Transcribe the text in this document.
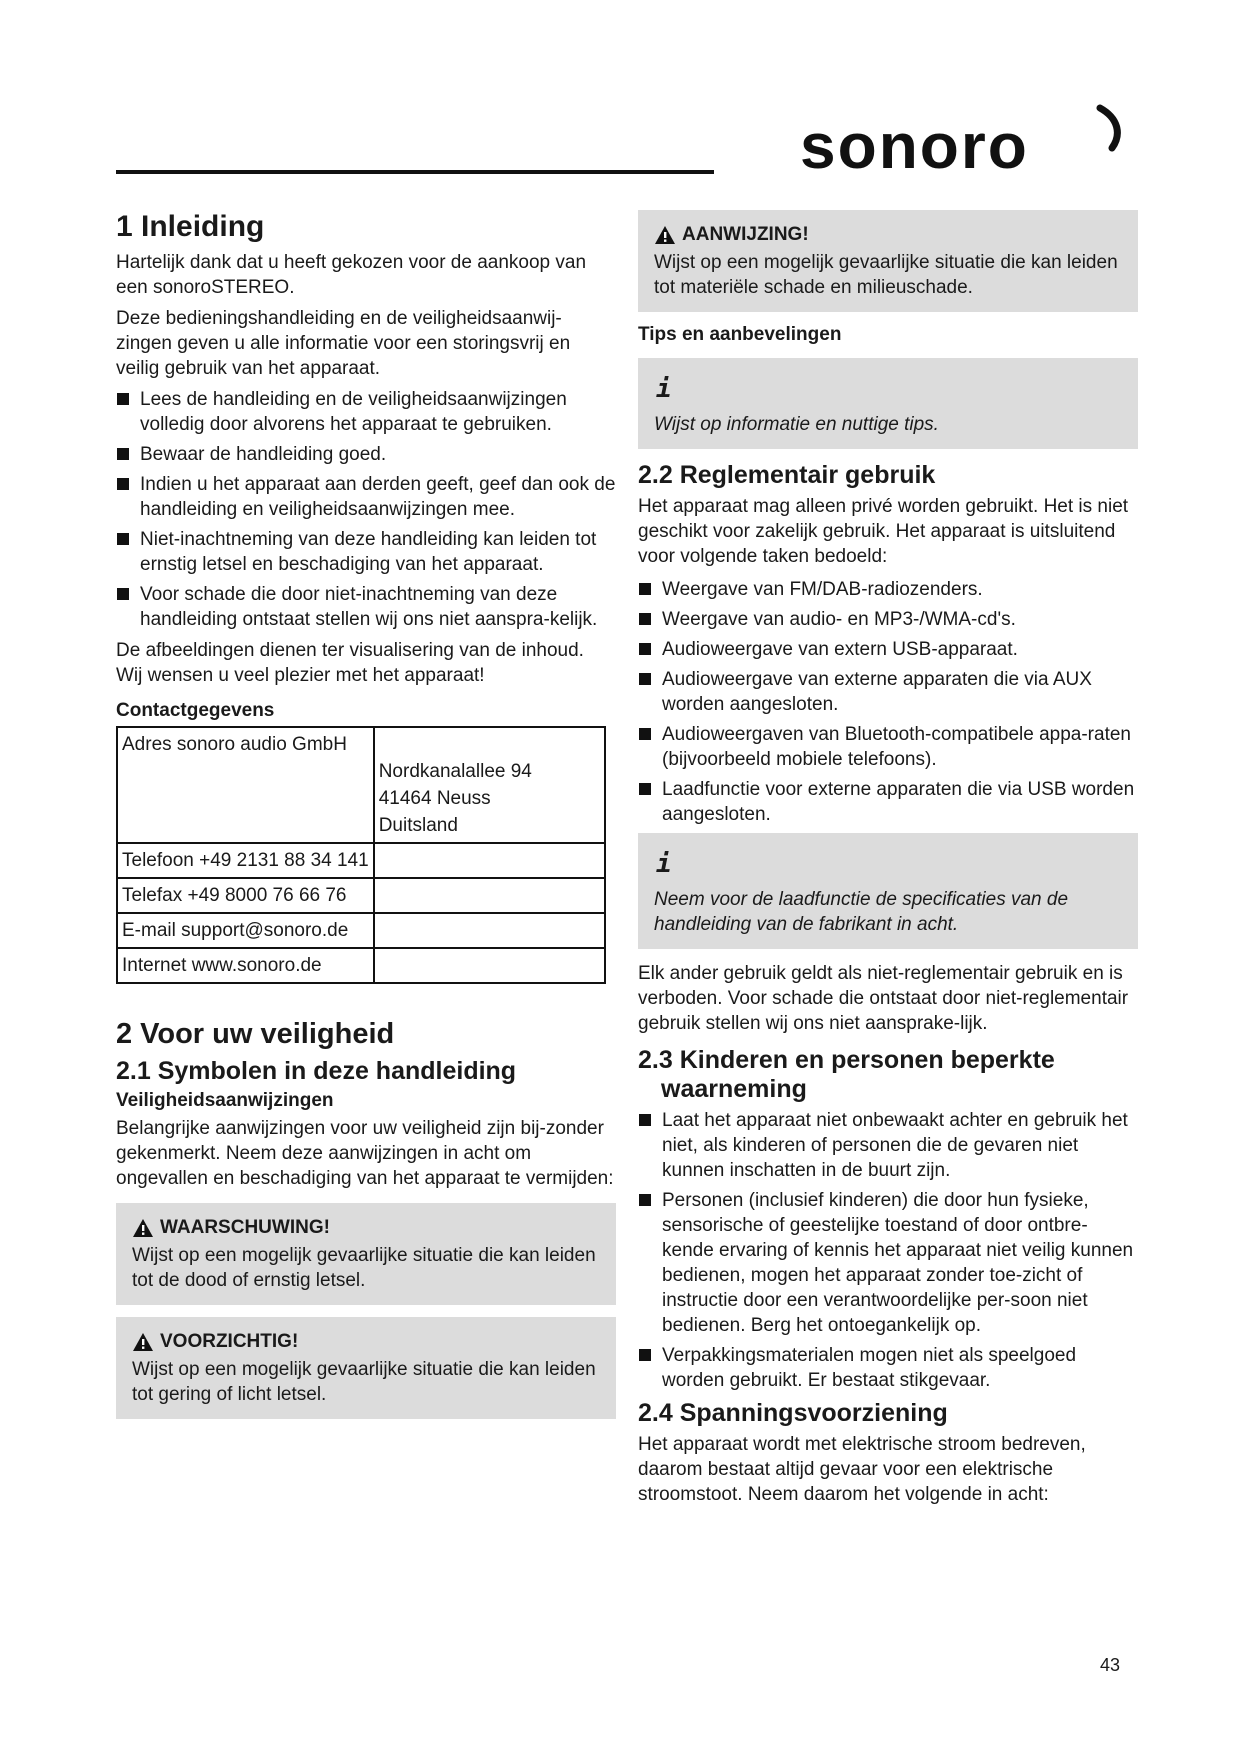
sonoro
1 Inleiding

Hartelijk dank dat u heeft gekozen voor de aankoop van een sonoroSTEREO.

Deze bedieningshandleiding en de veiligheidsaanwij-zingen geven u alle informatie voor een storingsvrij en veilig gebruik van het apparaat.

Lees de handleiding en de veiligheidsaanwijzingen volledig door alvorens het apparaat te gebruiken.
Bewaar de handleiding goed.
Indien u het apparaat aan derden geeft, geef dan ook de handleiding en veiligheidsaanwijzingen mee.
Niet-inachtneming van deze handleiding kan leiden tot ernstig letsel en beschadiging van het apparaat.
Voor schade die door niet-inachtneming van deze handleiding ontstaat stellen wij ons niet aanspra-kelijk.

De afbeeldingen dienen ter visualisering van de inhoud.

Wij wensen u veel plezier met het apparaat!

Contactgegevens
Adres sonoro audio GmbH	Nordkanalallee 94
41464 Neuss
Duitsland

Telefoon +49 2131 88 34 141	
Telefax +49 8000 76 66 76	
E-mail support@sonoro.de	
Internet www.sonoro.de	
2 Voor uw veiligheid
2.1 Symbolen in deze handleiding
Veiligheidsaanwijzingen

Belangrijke aanwijzingen voor uw veiligheid zijn bij-zonder gekenmerkt. Neem deze aanwijzingen in acht om ongevallen en beschadiging van het apparaat te vermijden:

WAARSCHUWING!

Wijst op een mogelijk gevaarlijke situatie die kan leiden tot de dood of ernstig letsel.

VOORZICHTIG!

Wijst op een mogelijk gevaarlijke situatie die kan leiden tot gering of licht letsel.

AANWIJZING!

Wijst op een mogelijk gevaarlijke situatie die kan leiden tot materiële schade en milieuschade.

Tips en aanbevelingen
i

Wijst op informatie en nuttige tips.

2.2 Reglementair gebruik

Het apparaat mag alleen privé worden gebruikt. Het is niet geschikt voor zakelijk gebruik. Het apparaat is uitsluitend voor volgende taken bedoeld:

Weergave van FM/DAB-radiozenders.
Weergave van audio- en MP3-/WMA-cd's.
Audioweergave van extern USB-apparaat.
Audioweergave van externe apparaten die via AUX worden aangesloten.
Audioweergaven van Bluetooth-compatibele appa-raten (bijvoorbeeld mobiele telefoons).
Laadfunctie voor externe apparaten die via USB worden aangesloten.
i

Neem voor de laadfunctie de specificaties van de handleiding van de fabrikant in acht.

Elk ander gebruik geldt als niet-reglementair gebruik en is verboden. Voor schade die ontstaat door niet-reglementair gebruik stellen wij ons niet aansprake-lijk.

2.3 Kinderen en personen beperkte waarneming
Laat het apparaat niet onbewaakt achter en gebruik het niet, als kinderen of personen die de gevaren niet kunnen inschatten in de buurt zijn.
Personen (inclusief kinderen) die door hun fysieke, sensorische of geestelijke toestand of door ontbre-kende ervaring of kennis het apparaat niet veilig kunnen bedienen, mogen het apparaat zonder toe-zicht of instructie door een verantwoordelijke per-soon niet bedienen. Berg het ontoegankelijk op.
Verpakkingsmaterialen mogen niet als speelgoed worden gebruikt. Er bestaat stikgevaar.
2.4 Spanningsvoorziening

Het apparaat wordt met elektrische stroom bedreven, daarom bestaat altijd gevaar voor een elektrische stroomstoot. Neem daarom het volgende in acht:

43
